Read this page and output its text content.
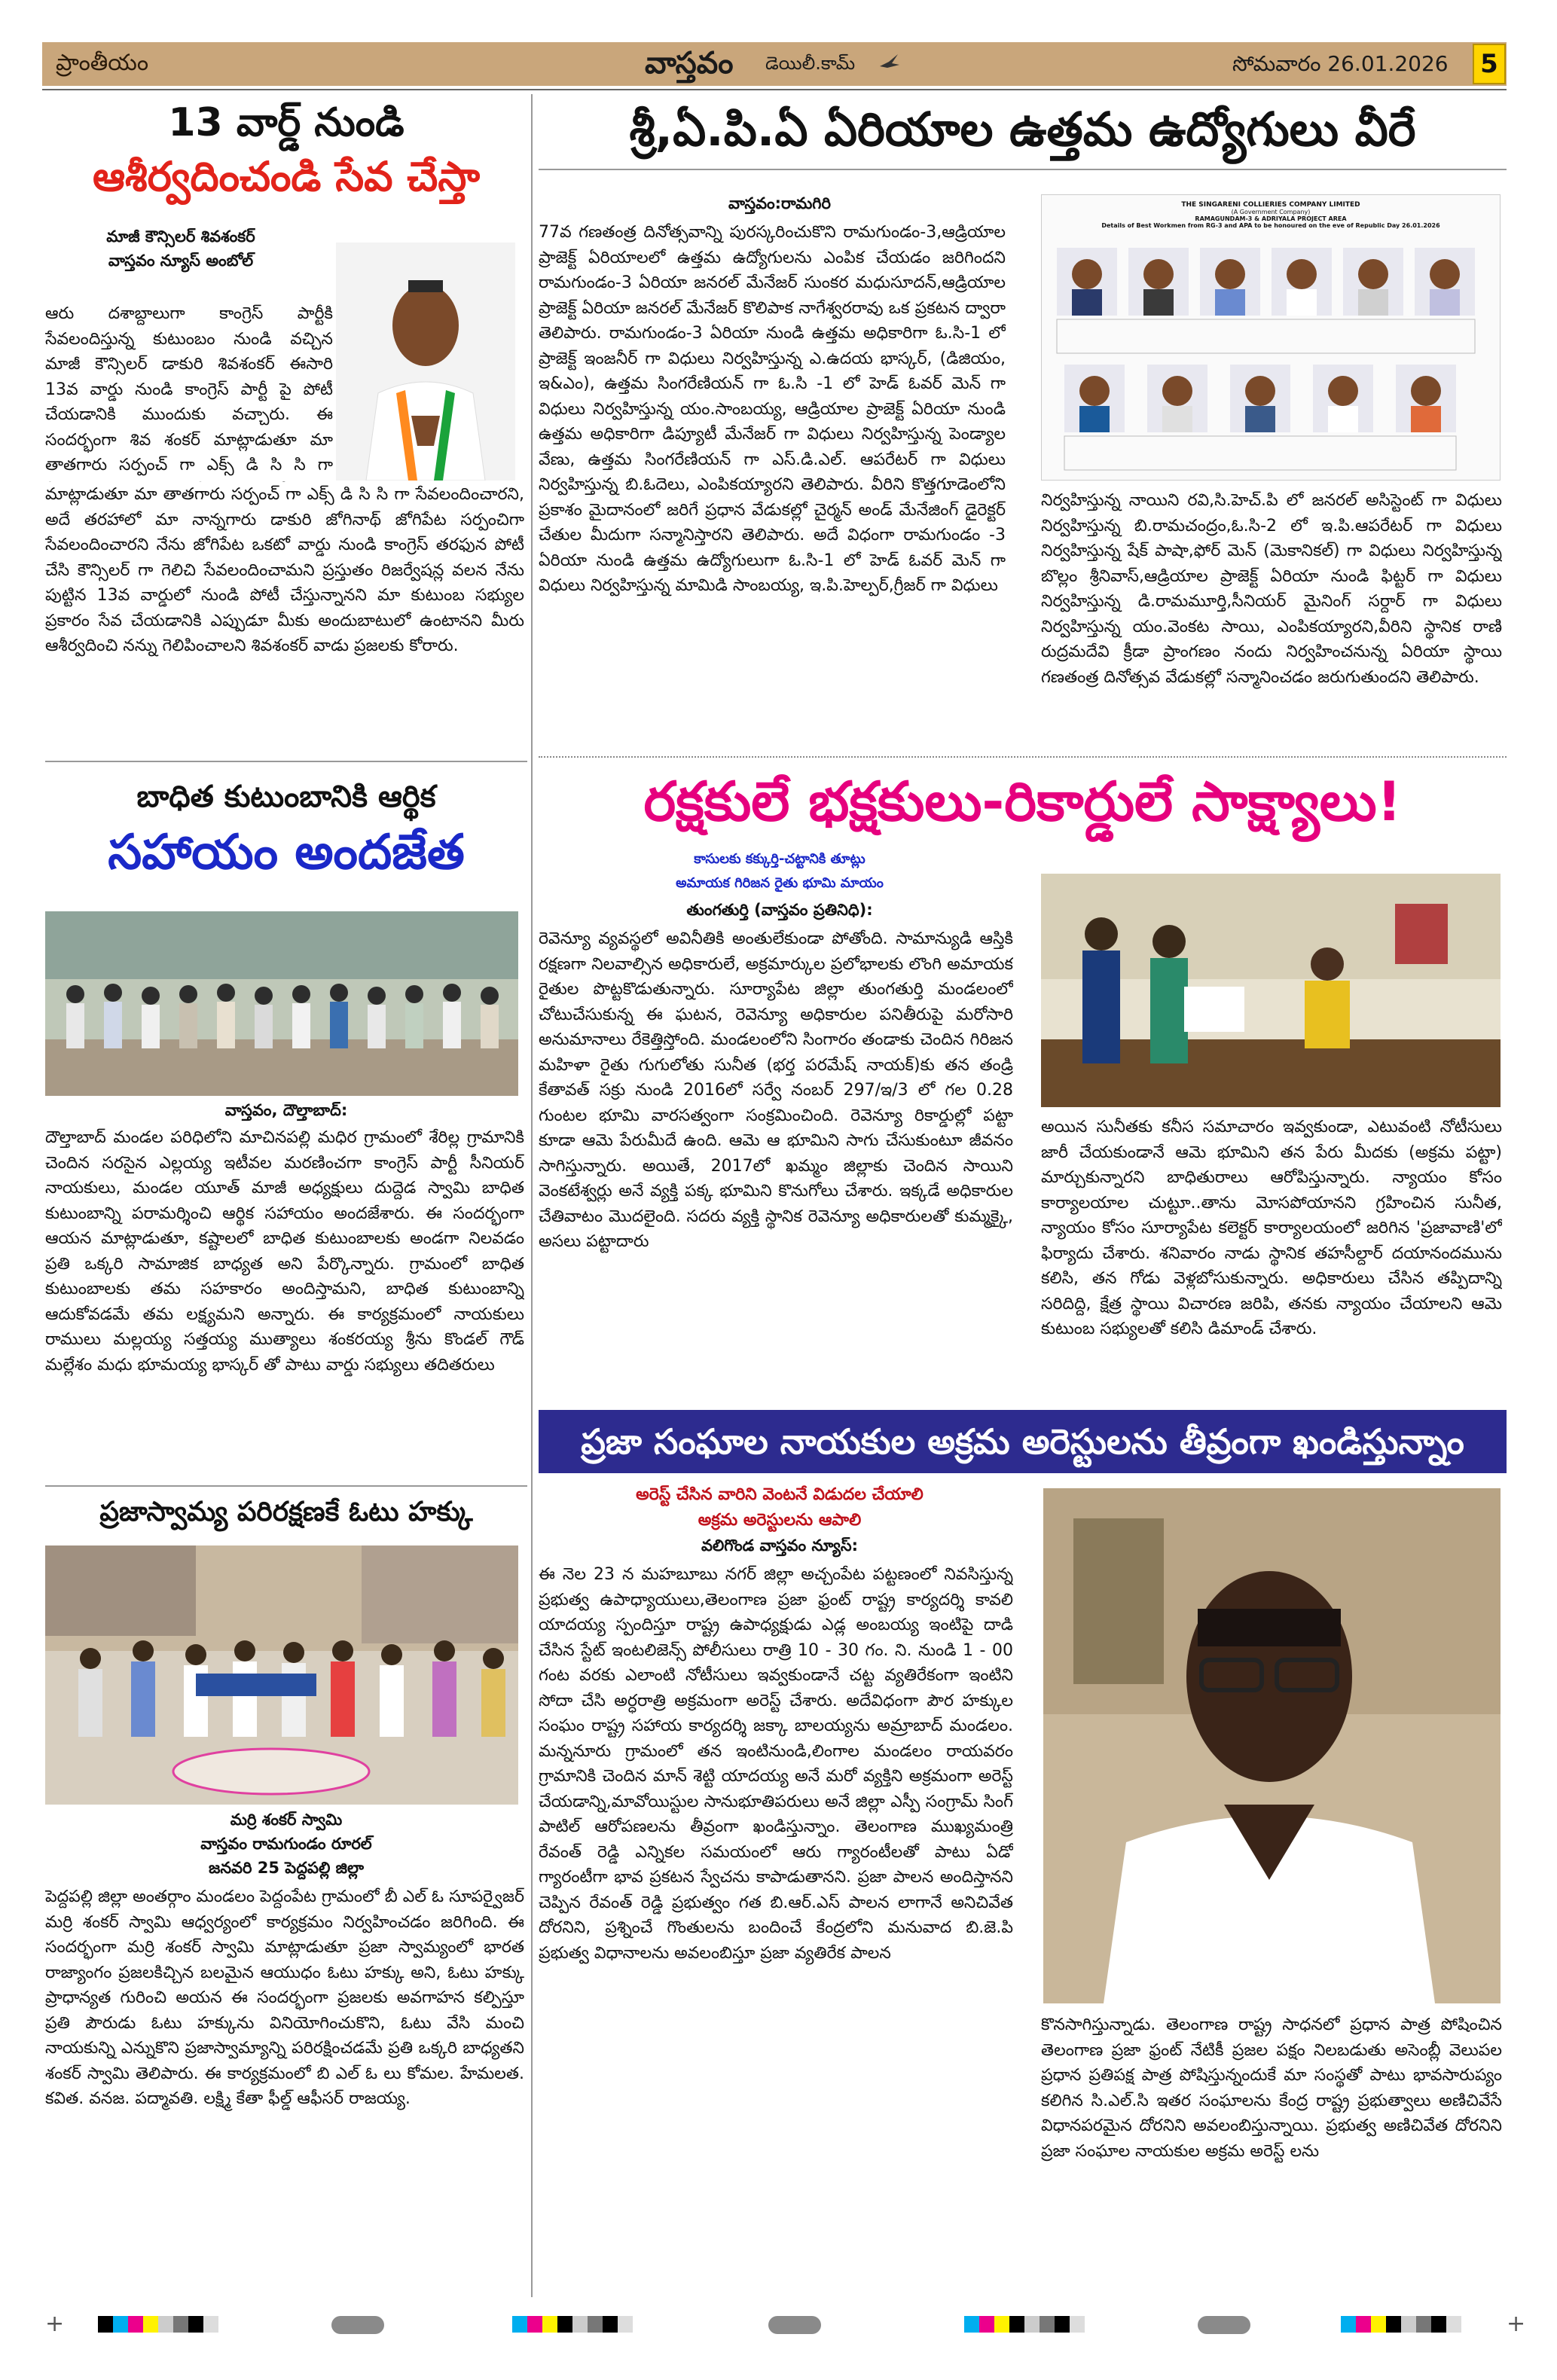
ప్రాంతీయం	వాస్తవం డెయిలీ.కామ్	సోమవారం 26.01.2026 5
13 వార్డ్ నుండి
ఆశీర్వదించండి సేవ చేస్తా
మాజీ కౌన్సిలర్ శివశంకర్
వాస్తవం న్యూస్ అంబోల్
ఆరు దశాబ్దాలుగా కాంగ్రెస్ పార్టీకి సేవలందిస్తున్న కుటుంబం నుండి వచ్చిన మాజీ కౌన్సిలర్ డాకురి శివశంకర్ ఈసారి 13వ వార్డు నుండి కాంగ్రెస్ పార్టీ పై పోటీ చేయడానికి ముందుకు వచ్చారు. ఈ సందర్భంగా శివ శంకర్ మాట్లాడుతూ మా తాతగారు సర్పంచ్ గా ఎక్స్ డి సి సి గా
మాట్లాడుతూ మా తాతగారు సర్పంచ్ గా ఎక్స్ డి సి సి గా సేవలందించారని, అదే తరహాలో మా నాన్నగారు డాకురి జోగినాథ్ జోగిపేట సర్పంచిగా సేవలందించారని నేను జోగిపేట ఒకటో వార్డు నుండి కాంగ్రెస్ తరఫున పోటీ చేసి కౌన్సిలర్ గా గెలిచి సేవలందించామని ప్రస్తుతం రిజర్వేషన్ల వలన నేను పుట్టిన 13వ వార్డులో నుండి పోటీ చేస్తున్నానని మా కుటుంబ సభ్యుల ప్రకారం సేవ చేయడానికి ఎప్పుడూ మీకు అందుబాటులో ఉంటానని మీరు ఆశీర్వదించి నన్ను గెలిపించాలని శివశంకర్ వాడు ప్రజలకు కోరారు.
బాధిత కుటుంబానికి ఆర్థిక
సహాయం అందజేత
వాస్తవం, దౌల్తాబాద్:
దౌల్తాబాద్ మండల పరిధిలోని మాచినపల్లి మధిర గ్రామంలో శేరిల్ల గ్రామానికి చెందిన సరసైన ఎల్లయ్య ఇటీవల మరణించగా కాంగ్రెస్ పార్టీ సీనియర్ నాయకులు, మండల యూత్ మాజీ అధ్యక్షులు దుద్దెడ స్వామి బాధిత కుటుంబాన్ని పరామర్శించి ఆర్థిక సహాయం అందజేశారు. ఈ సందర్భంగా ఆయన మాట్లాడుతూ, కష్టాలలో బాధిత కుటుంబాలకు అండగా నిలవడం ప్రతి ఒక్కరి సామాజిక బాధ్యత అని పేర్కొన్నారు. గ్రామంలో బాధిత కుటుంబాలకు తమ సహకారం అందిస్తామని, బాధిత కుటుంబాన్ని ఆదుకోవడమే తమ లక్ష్యమని అన్నారు. ఈ కార్యక్రమంలో నాయకులు రాములు మల్లయ్య సత్తయ్య ముత్యాలు శంకరయ్య శ్రీను కొండల్ గౌడ్ మల్లేశం మధు భూమయ్య భాస్కర్ తో పాటు వార్డు సభ్యులు తదితరులు
ప్రజాస్వామ్య పరిరక్షణకే ఓటు హక్కు
మర్రి శంకర్ స్వామి
వాస్తవం రామగుండం రూరల్
జనవరి 25 పెద్దపల్లి జిల్లా
పెద్దపల్లి జిల్లా అంతర్గాం మండలం పెద్దంపేట గ్రామంలో బీ ఎల్ ఓ సూపర్వైజర్ మర్రి శంకర్ స్వామి ఆధ్వర్యంలో కార్యక్రమం నిర్వహించడం జరిగింది. ఈ సందర్భంగా మర్రి శంకర్ స్వామి మాట్లాడుతూ ప్రజా స్వామ్యంలో భారత రాజ్యాంగం ప్రజలకిచ్చిన బలమైన ఆయుధం ఓటు హక్కు అని, ఓటు హక్కు ప్రాధాన్యత గురించి అయన ఈ సందర్భంగా ప్రజలకు అవగాహన కల్పిస్తూ ప్రతి పౌరుడు ఓటు హక్కును వినియోగించుకొని, ఓటు వేసి మంచి నాయకున్ని ఎన్నుకొని ప్రజాస్వామ్యాన్ని పరిరక్షించడమే ప్రతి ఒక్కరి బాధ్యతని శంకర్ స్వామి తెలిపారు. ఈ కార్యక్రమంలో బి ఎల్ ఓ లు కోమల. హేమలత. కవిత. వనజ. పద్మావతి. లక్ష్మి కేతా ఫీల్డ్ ఆఫీసర్ రాజయ్య.
శ్రీ,ఏ.పి.ఏ ఏరియాల ఉత్తమ ఉద్యోగులు వీరే
వాస్తవం:రామగిరి
77వ గణతంత్ర దినోత్సవాన్ని పురస్కరించుకొని రామగుండం-3,ఆడ్రియాల ప్రాజెక్ట్ ఏరియాలలో ఉత్తమ ఉద్యోగులను ఎంపిక చేయడం జరిగిందని రామగుండం-3 ఏరియా జనరల్ మేనేజర్ సుంకర మధుసూదన్,ఆడ్రియాల ప్రాజెక్ట్ ఏరియా జనరల్ మేనేజర్ కొలిపాక నాగేశ్వరరావు ఒక ప్రకటన ద్వారా తెలిపారు. రామగుండం-3 ఏరియా నుండి ఉత్తమ అధికారిగా ఓ.సి-1 లో ప్రాజెక్ట్ ఇంజనీర్ గా విధులు నిర్వహిస్తున్న ఎ.ఉదయ భాస్కర్, (డిజియం, ఇ&ఎం), ఉత్తమ సింగరేణియన్ గా ఓ.సి -1 లో హెడ్ ఓవర్ మెన్ గా విధులు నిర్వహిస్తున్న యం.సాంబయ్య, ఆడ్రియాల ప్రాజెక్ట్ ఏరియా నుండి ఉత్తమ అధికారిగా డిప్యూటీ మేనేజర్ గా విధులు నిర్వహిస్తున్న పెండ్యాల వేణు, ఉత్తమ సింగరేణియన్ గా ఎస్.డి.ఎల్. ఆపరేటర్ గా విధులు నిర్వహిస్తున్న బి.ఓదెలు, ఎంపికయ్యారని తెలిపారు. వీరిని కొత్తగూడెంలోని ప్రకాశం మైదానంలో జరిగే ప్రధాన వేడుకల్లో చైర్మన్ అండ్ మేనేజింగ్ డైరెక్టర్ చేతుల మీదుగా సన్మానిస్తారని తెలిపారు. అదే విధంగా రామగుండం -3 ఏరియా నుండి ఉత్తమ ఉద్యోగులుగా ఓ.సి-1 లో హెడ్ ఓవర్ మెన్ గా విధులు నిర్వహిస్తున్న మామిడి సాంబయ్య, ఇ.పి.హెల్పర్,గ్రీజర్ గా విధులు
THE SINGARENI COLLIERIES COMPANY LIMITED
(A Government Company)
RAMAGUNDAM-3 & ADRIYALA PROJECT AREA
Details of Best Workmen from RG-3 and APA to be honoured on the eve of Republic Day 26.01.2026
నిర్వహిస్తున్న నాయిని రవి,సి.హెచ్.పి లో జనరల్ అసిస్టెంట్ గా విధులు నిర్వహిస్తున్న బి.రామచంద్రం,ఓ.సి-2 లో ఇ.పి.ఆపరేటర్ గా విధులు నిర్వహిస్తున్న షేక్ పాషా,ఫోర్ మెన్ (మెకానికల్) గా విధులు నిర్వహిస్తున్న బొల్లం శ్రీనివాస్,ఆడ్రియాల ప్రాజెక్ట్ ఏరియా నుండి ఫిట్టర్ గా విధులు నిర్వహిస్తున్న డి.రామమూర్తి,సీనియర్ మైనింగ్ సర్దార్ గా విధులు నిర్వహిస్తున్న యం.వెంకట సాయి, ఎంపికయ్యారని,వీరిని స్థానిక రాణి రుద్రమదేవి క్రీడా ప్రాంగణం నందు నిర్వహించనున్న ఏరియా స్థాయి గణతంత్ర దినోత్సవ వేడుకల్లో సన్మానించడం జరుగుతుందని తెలిపారు.
రక్షకులే భక్షకులు-రికార్డులే సాక్ష్యాలు!
కాసులకు కక్కుర్తి-చట్టానికి తూట్లు
అమాయక గిరిజన రైతు భూమి మాయం
తుంగతుర్తి (వాస్తవం ప్రతినిధి):
రెవెన్యూ వ్యవస్థలో అవినీతికి అంతులేకుండా పోతోంది. సామాన్యుడి ఆస్తికి రక్షణగా నిలవాల్సిన అధికారులే, అక్రమార్కుల ప్రలోభాలకు లొంగి అమాయక రైతుల పొట్టకొడుతున్నారు. సూర్యాపేట జిల్లా తుంగతుర్తి మండలంలో చోటుచేసుకున్న ఈ ఘటన, రెవెన్యూ అధికారుల పనితీరుపై మరోసారి అనుమానాలు రేకెత్తిస్తోంది. మండలంలోని సింగారం తండాకు చెందిన గిరిజన మహిళా రైతు గుగులోతు సునీత (భర్త పరమేష్ నాయక్)కు తన తండ్రి కేతావత్ సక్రు నుండి 2016లో సర్వే నంబర్ 297/ఇ/3 లో గల 0.28 గుంటల భూమి వారసత్వంగా సంక్రమించింది. రెవెన్యూ రికార్డుల్లో పట్టా కూడా ఆమె పేరుమీదే ఉంది. ఆమె ఆ భూమిని సాగు చేసుకుంటూ జీవనం సాగిస్తున్నారు. అయితే, 2017లో ఖమ్మం జిల్లాకు చెందిన సాయిని వెంకటేశ్వర్లు అనే వ్యక్తి పక్క భూమిని కొనుగోలు చేశారు. ఇక్కడే అధికారుల చేతివాటం మొదలైంది. సదరు వ్యక్తి స్థానిక రెవెన్యూ అధికారులతో కుమ్మక్కై, అసలు పట్టాదారు
అయిన సునీతకు కనీస సమాచారం ఇవ్వకుండా, ఎటువంటి నోటీసులు జారీ చేయకుండానే ఆమె భూమిని తన పేరు మీదకు (అక్రమ పట్టా) మార్చుకున్నారని బాధితురాలు ఆరోపిస్తున్నారు. న్యాయం కోసం కార్యాలయాల చుట్టూ..తాను మోసపోయానని గ్రహించిన సునీత, న్యాయం కోసం సూర్యాపేట కలెక్టర్ కార్యాలయంలో జరిగిన 'ప్రజావాణి'లో ఫిర్యాదు చేశారు. శనివారం నాడు స్థానిక తహసీల్దార్ దయానందమును కలిసి, తన గోడు వెళ్లబోసుకున్నారు. అధికారులు చేసిన తప్పిదాన్ని సరిదిద్ది, క్షేత్ర స్థాయి విచారణ జరిపి, తనకు న్యాయం చేయాలని ఆమె కుటుంబ సభ్యులతో కలిసి డిమాండ్ చేశారు.
ప్రజా సంఘాల నాయకుల అక్రమ అరెస్టులను తీవ్రంగా ఖండిస్తున్నాం
అరెస్ట్ చేసిన వారిని వెంటనే విడుదల చేయాలి
అక్రమ అరెస్టులను ఆపాలి
వలిగొండ వాస్తవం న్యూస్:
ఈ నెల 23 న మహబూబు నగర్ జిల్లా అచ్చంపేట పట్టణంలో నివసిస్తున్న ప్రభుత్వ ఉపాధ్యాయులు,తెలంగాణ ప్రజా ఫ్రంట్ రాష్ట్ర కార్యదర్శి కావలి యాదయ్య స్పందిస్తూ రాష్ట్ర ఉపాధ్యక్షుడు ఎడ్ల అంబయ్య ఇంటిపై దాడి చేసిన స్టేట్ ఇంటలిజెన్స్ పోలీసులు రాత్రి 10 - 30 గం. ని. నుండి 1 - 00 గంట వరకు ఎలాంటి నోటీసులు ఇవ్వకుండానే చట్ట వ్యతిరేకంగా ఇంటిని సోదా చేసి అర్ధరాత్రి అక్రమంగా అరెస్ట్ చేశారు. అదేవిధంగా పౌర హక్కుల సంఘం రాష్ట్ర సహాయ కార్యదర్శి జక్కా బాలయ్యను అమ్రాబాద్ మండలం. మన్ననూరు గ్రామంలో తన ఇంటినుండి,లింగాల మండలం రాయవరం గ్రామానికి చెందిన మాన్ శెట్టి యాదయ్య అనే మరో వ్యక్తిని అక్రమంగా అరెస్ట్ చేయడాన్ని,మావోయిస్టుల సానుభూతిపరులు అనే జిల్లా ఎస్పీ సంగ్రామ్ సింగ్ పాటిల్ ఆరోపణలను తీవ్రంగా ఖండిస్తున్నాం. తెలంగాణ ముఖ్యమంత్రి రేవంత్ రెడ్డి ఎన్నికల సమయంలో ఆరు గ్యారంటీలతో పాటు ఏడో గ్యారంటీగా భావ ప్రకటన స్వేచను కాపాడుతానని. ప్రజా పాలన అందిస్తానని చెప్పిన రేవంత్ రెడ్డి ప్రభుత్వం గత బి.ఆర్.ఎస్ పాలన లాగానే అనిచివేత దోరనిని, ప్రశ్నించే గొంతులను బందించే కేంద్రలోని మనువాద బి.జె.పి ప్రభుత్వ విధానాలను అవలంబిస్తూ ప్రజా వ్యతిరేక పాలన
కొనసాగిస్తున్నాడు. తెలంగాణ రాష్ట్ర సాధనలో ప్రధాన పాత్ర పోషించిన తెలంగాణ ప్రజా ఫ్రంట్ నేటికీ ప్రజల పక్షం నిలబడుతు అసెంబ్లీ వెలుపల ప్రధాన ప్రతిపక్ష పాత్ర పోషిస్తున్నందుకే మా సంస్థతో పాటు భావసారుప్యం కలిగిన సి.ఎల్.సి ఇతర సంఘాలను కేంద్ర రాష్ట్ర ప్రభుత్వాలు అణిచివేసే విధానపరమైన దోరనిని అవలంబిస్తున్నాయి. ప్రభుత్వ అణిచివేత దోరనిని ప్రజా సంఘాల నాయకుల అక్రమ అరెస్ట్ లను
+	+
